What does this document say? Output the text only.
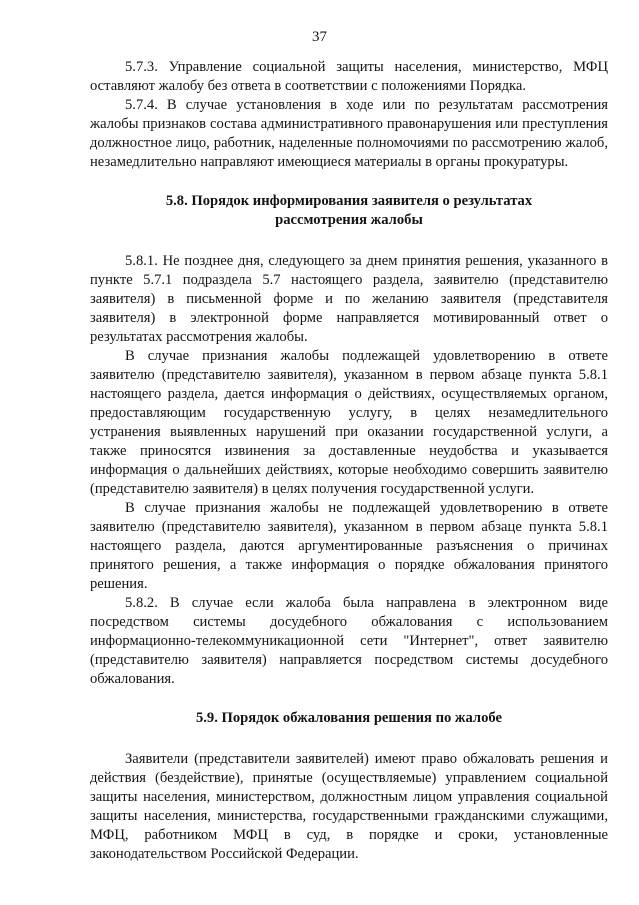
37

5.7.3. Управление социальной защиты населения, министерство, МФЦ оставляют жалобу без ответа в соответствии с положениями Порядка.

5.7.4. В случае установления в ходе или по результатам рассмотрения жалобы признаков состава административного правонарушения или преступления должностное лицо, работник, наделенные полномочиями по рассмотрению жалоб, незамедлительно направляют имеющиеся материалы в органы прокуратуры.

5.8. Порядок информирования заявителя о результатах
рассмотрения жалобы

5.8.1. Не позднее дня, следующего за днем принятия решения, указанного в пункте 5.7.1 подраздела 5.7 настоящего раздела, заявителю (представителю заявителя) в письменной форме и по желанию заявителя (представителя заявителя) в электронной форме направляется мотивированный ответ о результатах рассмотрения жалобы.

В случае признания жалобы подлежащей удовлетворению в ответе заявителю (представителю заявителя), указанном в первом абзаце пункта 5.8.1 настоящего раздела, дается информация о действиях, осуществляемых органом, предоставляющим государственную услугу, в целях незамедлительного устранения выявленных нарушений при оказании государственной услуги, а также приносятся извинения за доставленные неудобства и указывается информация о дальнейших действиях, которые необходимо совершить заявителю (представителю заявителя) в целях получения государственной услуги.

В случае признания жалобы не подлежащей удовлетворению в ответе заявителю (представителю заявителя), указанном в первом абзаце пункта 5.8.1 настоящего раздела, даются аргументированные разъяснения о причинах принятого решения, а также информация о порядке обжалования принятого решения.

5.8.2. В случае если жалоба была направлена в электронном виде посредством системы досудебного обжалования с использованием информационно-телекоммуникационной сети "Интернет", ответ заявителю (представителю заявителя) направляется посредством системы досудебного обжалования.

5.9. Порядок обжалования решения по жалобе

Заявители (представители заявителей) имеют право обжаловать решения и действия (бездействие), принятые (осуществляемые) управлением социальной защиты населения, министерством, должностным лицом управления социальной защиты населения, министерства, государственными гражданскими служащими, МФЦ, работником МФЦ в суд, в порядке и сроки, установленные законодательством Российской Федерации.
